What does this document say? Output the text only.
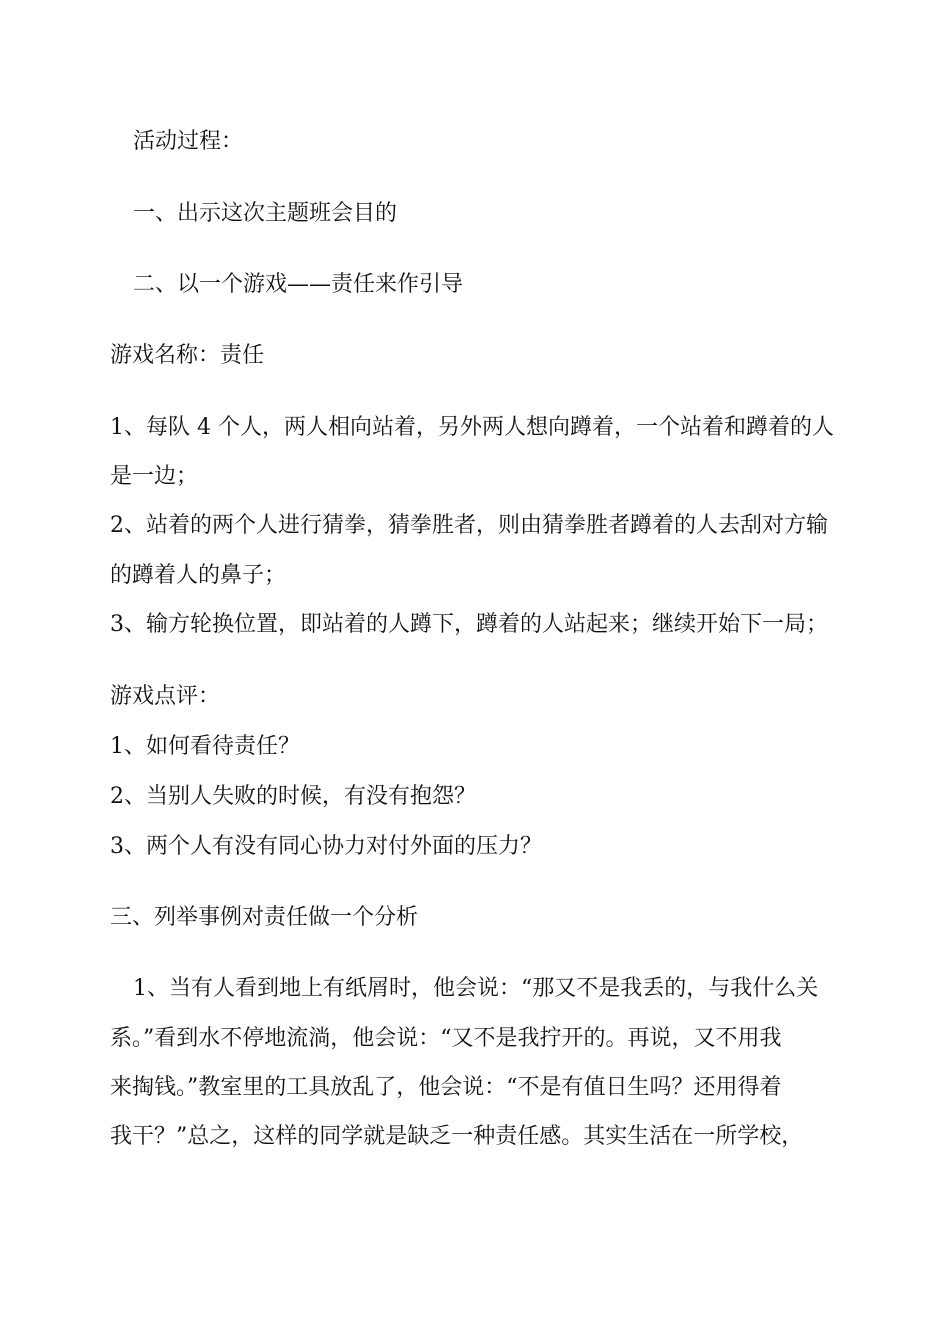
活动过程：
一、出示这次主题班会目的
二、以一个游戏——责任来作引导
游戏名称：责任
1、每队 4 个人，两人相向站着，另外两人想向蹲着，一个站着和蹲着的人
是一边；
2、站着的两个人进行猜拳，猜拳胜者，则由猜拳胜者蹲着的人去刮对方输
的蹲着人的鼻子；
3、输方轮换位置，即站着的人蹲下，蹲着的人站起来；继续开始下一局；
游戏点评：
1、如何看待责任？
2、当别人失败的时候，有没有抱怨？
3、两个人有没有同心协力对付外面的压力？
三、列举事例对责任做一个分析
1、当有人看到地上有纸屑时，他会说：“那又不是我丢的，与我什么关
系。”看到水不停地流淌，他会说：“又不是我拧开的。再说，又不用我
来掏钱。”教室里的工具放乱了，他会说：“不是有值日生吗？还用得着
我干？”总之，这样的同学就是缺乏一种责任感。其实生活在一所学校，
